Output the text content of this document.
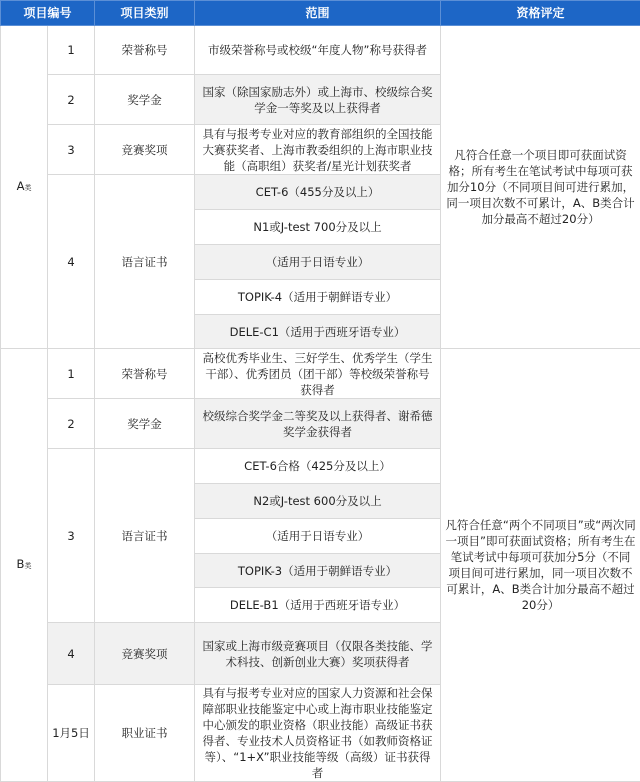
项目编号		项目类别	范围	资格评定
A类	1	荣誉称号	市级荣誉称号或校级“年度人物”称号获得者	凡符合任意一个项目即可获面试资格；所有考生在笔试考试中每项可获加分10分（不同项目间可进行累加，同一项目次数不可累计，A、B类合计加分最高不超过20分）
	2	奖学金	国家（除国家励志外）或上海市、校级综合奖学金一等奖及以上获得者	
	3	竞赛奖项	具有与报考专业对应的教育部组织的全国技能大赛获奖者、上海市教委组织的上海市职业技能（高职组）获奖者/星光计划获奖者	
	4	语言证书	CET-6（455分及以上）	
			N1或J-test 700分及以上	
			（适用于日语专业）	
			TOPIK-4（适用于朝鲜语专业）	
			DELE-C1（适用于西班牙语专业）	
B类	1	荣誉称号	高校优秀毕业生、三好学生、优秀学生（学生干部）、优秀团员（团干部）等校级荣誉称号获得者	凡符合任意“两个不同项目”或“两次同一项目”即可获面试资格；所有考生在笔试考试中每项可获加分5分（不同项目间可进行累加，同一项目次数不可累计，A、B类合计加分最高不超过20分）
	2	奖学金	校级综合奖学金二等奖及以上获得者、谢希德奖学金获得者	
	3	语言证书	CET-6合格（425分及以上）	
			N2或J-test 600分及以上	
			（适用于日语专业）	
			TOPIK-3（适用于朝鲜语专业）	
			DELE-B1（适用于西班牙语专业）	
	4	竞赛奖项	国家或上海市级竞赛项目（仅限各类技能、学术科技、创新创业大赛）奖项获得者	
	1月5日	职业证书	具有与报考专业对应的国家人力资源和社会保障部职业技能鉴定中心或上海市职业技能鉴定中心颁发的职业资格（职业技能）高级证书获得者、专业技术人员资格证书（如教师资格证等）、“1+X”职业技能等级（高级）证书获得者	
